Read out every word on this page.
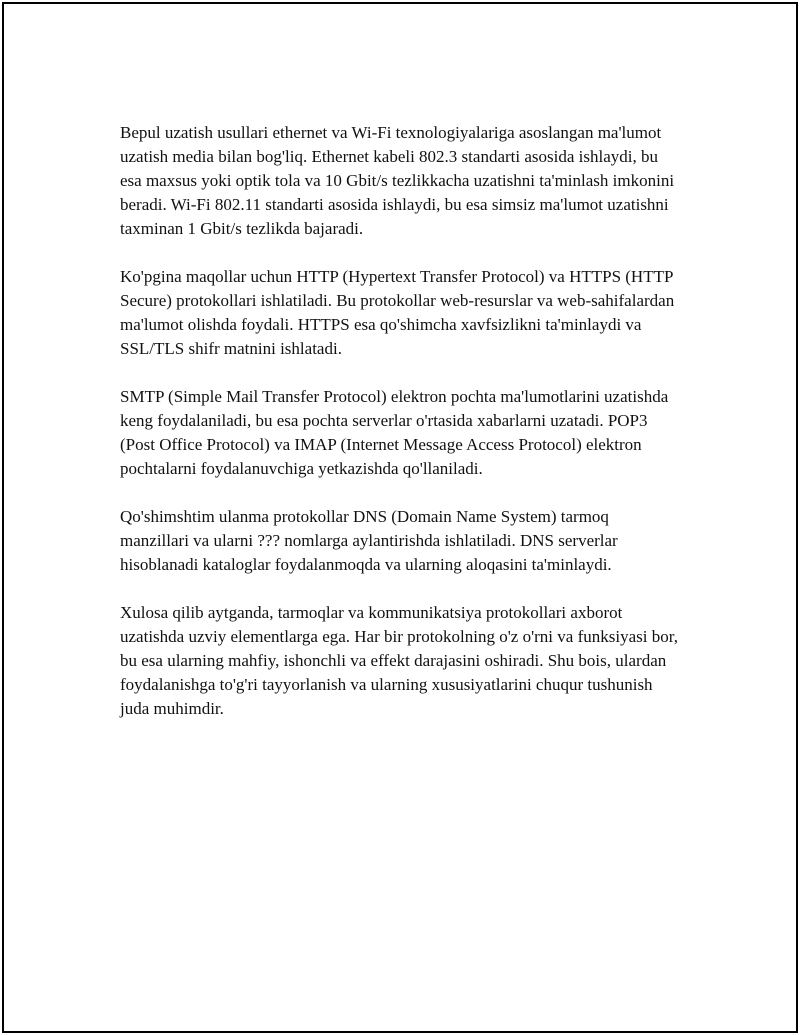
Bepul uzatish usullari ethernet va Wi-Fi texnologiyalariga asoslangan ma'lumot uzatish media bilan bog'liq. Ethernet kabeli 802.3 standarti asosida ishlaydi, bu esa maxsus yoki optik tola va 10 Gbit/s tezlikkacha uzatishni ta'minlash imkonini beradi. Wi-Fi 802.11 standarti asosida ishlaydi, bu esa simsiz ma'lumot uzatishni taxminan 1 Gbit/s tezlikda bajaradi.

Ko'pgina maqollar uchun HTTP (Hypertext Transfer Protocol) va HTTPS (HTTP Secure) protokollari ishlatiladi. Bu protokollar web-resurslar va web-sahifalardan ma'lumot olishda foydali. HTTPS esa qo'shimcha xavfsizlikni ta'minlaydi va SSL/TLS shifr matnini ishlatadi.

SMTP (Simple Mail Transfer Protocol) elektron pochta ma'lumotlarini uzatishda keng foydalaniladi, bu esa pochta serverlar o'rtasida xabarlarni uzatadi. POP3 (Post Office Protocol) va IMAP (Internet Message Access Protocol) elektron pochtalarni foydalanuvchiga yetkazishda qo'llaniladi.

Qo'shimshtim ulanma protokollar DNS (Domain Name System) tarmoq manzillari va ularni ??? nomlarga aylantirishda ishlatiladi. DNS serverlar hisoblanadi kataloglar foydalanmoqda va ularning aloqasini ta'minlaydi.

Xulosa qilib aytganda, tarmoqlar va kommunikatsiya protokollari axborot uzatishda uzviy elementlarga ega. Har bir protokolning o'z o'rni va funksiyasi bor, bu esa ularning mahfiy, ishonchli va effekt darajasini oshiradi. Shu bois, ulardan foydalanishga to'g'ri tayyorlanish va ularning xususiyatlarini chuqur tushunish juda muhimdir.
